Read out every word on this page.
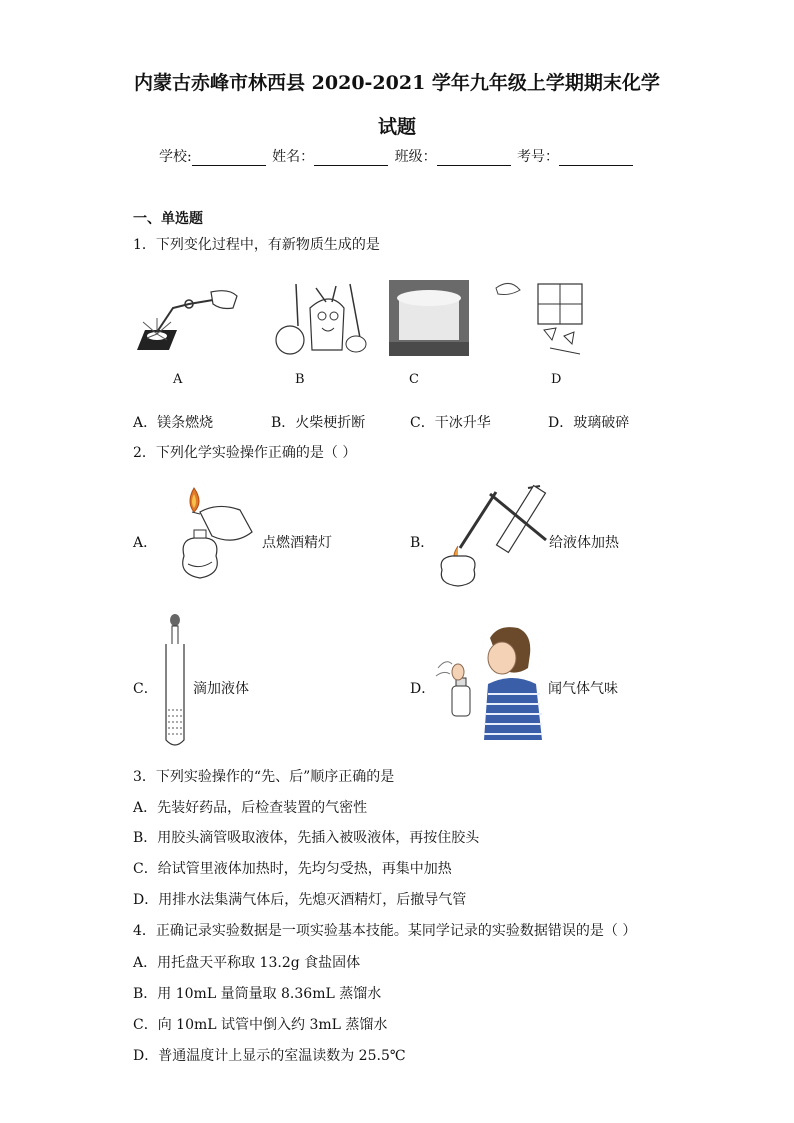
内蒙古赤峰市林西县 2020-2021 学年九年级上学期期末化学
试题
学校:	姓名：	班级：	考号：
一、单选题
1．下列变化过程中，有新物质生成的是
A	B	C	D
A．镁条燃烧	B．火柴梗折断	C．干冰升华	D．玻璃破碎
2．下列化学实验操作正确的是（ ）
A．	点燃酒精灯	B．	给液体加热
C．	滴加液体	D．	闻气体气味
3．下列实验操作的“先、后”顺序正确的是
A．先装好药品，后检查装置的气密性
B．用胶头滴管吸取液体，先插入被吸液体，再按住胶头
C．给试管里液体加热时，先均匀受热，再集中加热
D．用排水法集满气体后，先熄灭酒精灯，后撤导气管
4．正确记录实验数据是一项实验基本技能。某同学记录的实验数据错误的是（ ）
A．用托盘天平称取 13.2g 食盐固体
B．用 10mL 量筒量取 8.36mL 蒸馏水
C．向 10mL 试管中倒入约 3mL 蒸馏水
D．普通温度计上显示的室温读数为 25.5℃
